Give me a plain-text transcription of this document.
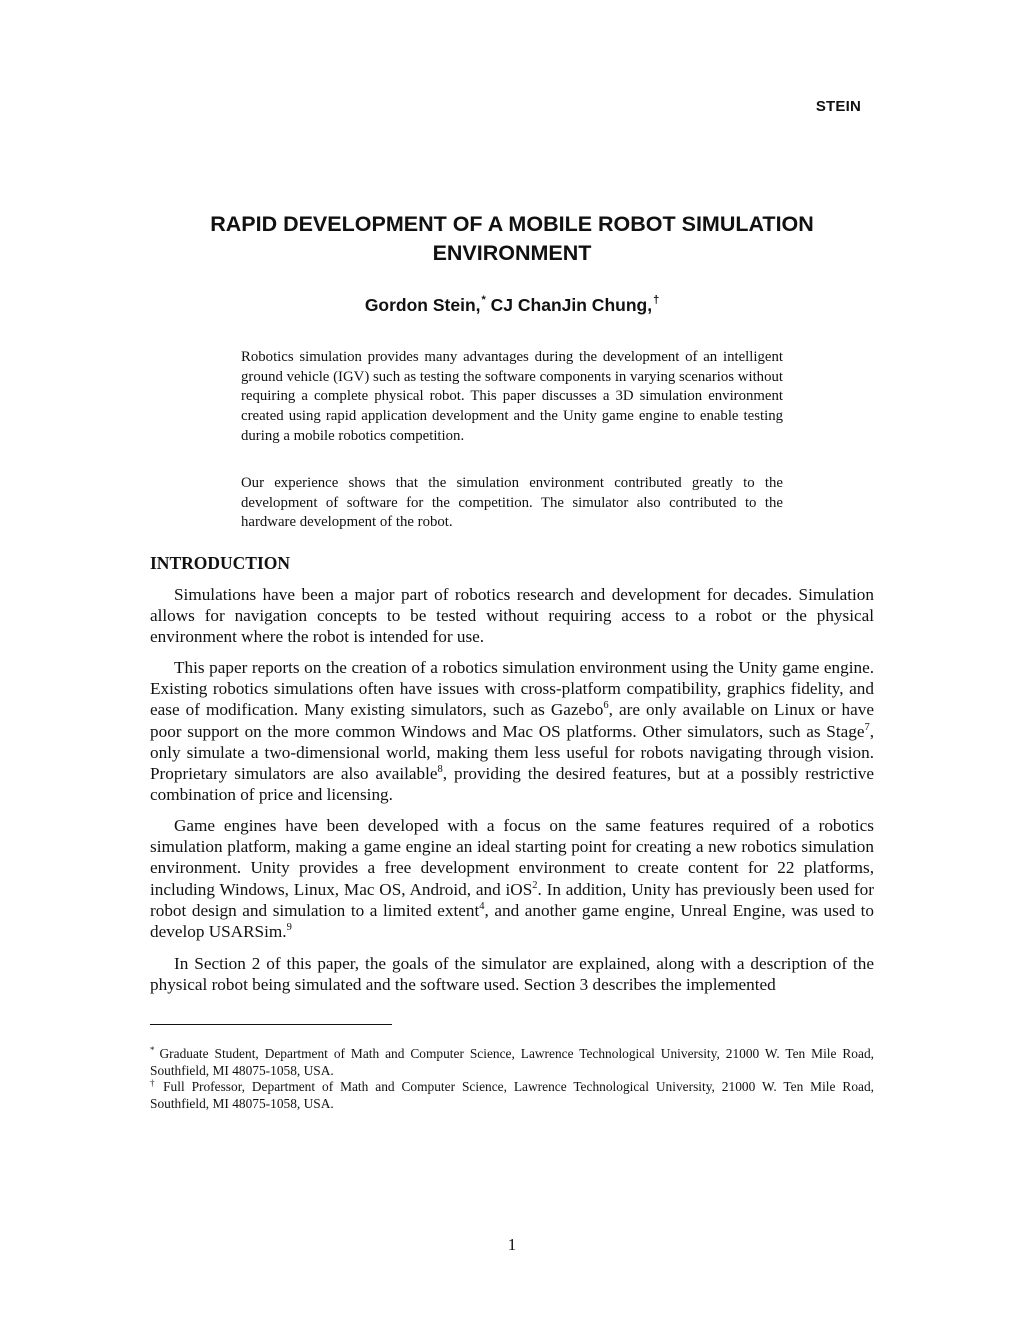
STEIN
RAPID DEVELOPMENT OF A MOBILE ROBOT SIMULATION
ENVIRONMENT
Gordon Stein,* CJ ChanJin Chung,†

Robotics simulation provides many advantages during the development of an intelligent ground vehicle (IGV) such as testing the software components in varying scenarios without requiring a complete physical robot. This paper discusses a 3D simulation environment created using rapid application development and the Unity game engine to enable testing during a mobile robotics competition.

Our experience shows that the simulation environment contributed greatly to the development of software for the competition. The simulator also contributed to the hardware development of the robot.

INTRODUCTION

Simulations have been a major part of robotics research and development for decades. Simulation allows for navigation concepts to be tested without requiring access to a robot or the physical environment where the robot is intended for use.

This paper reports on the creation of a robotics simulation environment using the Unity game engine. Existing robotics simulations often have issues with cross-platform compatibility, graphics fidelity, and ease of modification. Many existing simulators, such as Gazebo$^6$, are only available on Linux or have poor support on the more common Windows and Mac OS platforms. Other simulators, such as Stage$^7$, only simulate a two-dimensional world, making them less useful for robots navigating through vision. Proprietary simulators are also available$^8$, providing the desired features, but at a possibly restrictive combination of price and licensing.

Game engines have been developed with a focus on the same features required of a robotics simulation platform, making a game engine an ideal starting point for creating a new robotics simulation environment. Unity provides a free development environment to create content for 22 platforms, including Windows, Linux, Mac OS, Android, and iOS$^2$. In addition, Unity has previously been used for robot design and simulation to a limited extent$^4$, and another game engine, Unreal Engine, was used to develop USARSim.$^9$

In Section 2 of this paper, the goals of the simulator are explained, along with a description of the physical robot being simulated and the software used. Section 3 describes the implemented

* Graduate Student, Department of Math and Computer Science, Lawrence Technological University, 21000 W. Ten Mile Road, Southfield, MI 48075-1058, USA.

† Full Professor, Department of Math and Computer Science, Lawrence Technological University, 21000 W. Ten Mile Road, Southfield, MI 48075-1058, USA.

1
